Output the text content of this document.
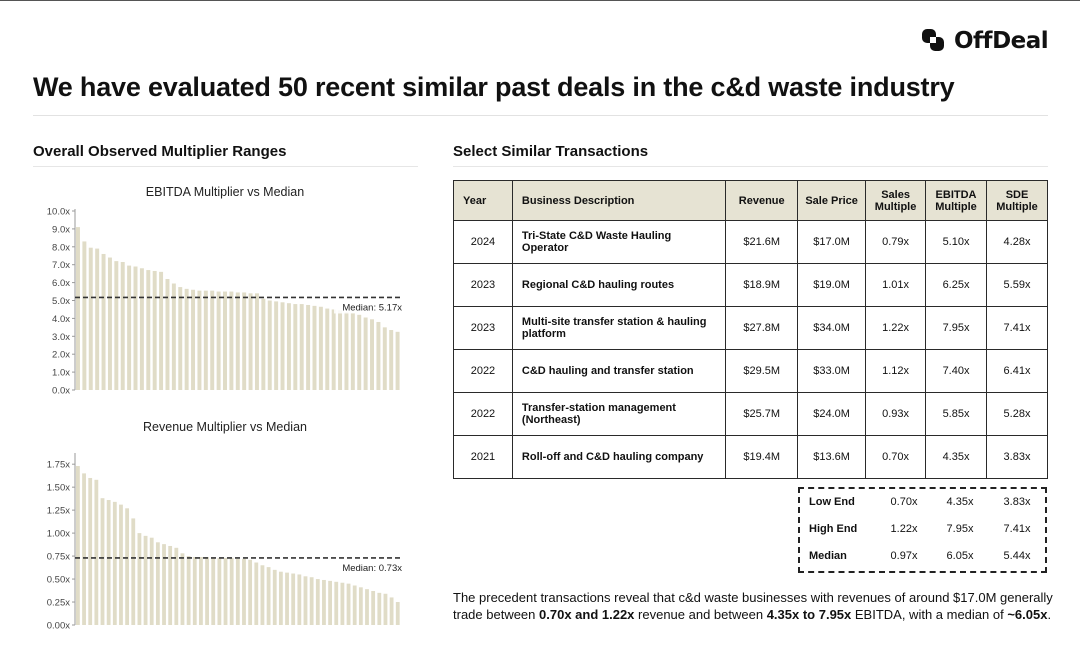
OffDeal
We have evaluated 50 recent similar past deals in the c&d waste industry
Overall Observed Multiplier Ranges	Select Similar Transactions
EBITDA Multiplier vs Median
0.0x
1.0x
2.0x
3.0x
4.0x
5.0x
6.0x
7.0x
8.0x
9.0x
10.0x
Median: 5.17x
Revenue Multiplier vs Median
0.00x
0.25x
0.50x
0.75x
1.00x
1.25x
1.50x
1.75x
Median: 0.73x
Year	Business Description	Revenue	Sale Price	Sales Multiple	EBITDA Multiple	SDE Multiple
2024	Tri-State C&D Waste Hauling Operator	$21.6M	$17.0M	0.79x	5.10x	4.28x
2023	Regional C&D hauling routes	$18.9M	$19.0M	1.01x	6.25x	5.59x
2023	Multi-site transfer station & hauling platform	$27.8M	$34.0M	1.22x	7.95x	7.41x
2022	C&D hauling and transfer station	$29.5M	$33.0M	1.12x	7.40x	6.41x
2022	Transfer-station management (Northeast)	$25.7M	$24.0M	0.93x	5.85x	5.28x
2021	Roll-off and C&D hauling company	$19.4M	$13.6M	0.70x	4.35x	3.83x
Low End	0.70x	4.35x	3.83x
High End	1.22x	7.95x	7.41x
Median	0.97x	6.05x	5.44x

The precedent transactions reveal that c&d waste businesses with revenues of around $17.0M generally trade between 0.70x and 1.22x revenue and between 4.35x to 7.95x EBITDA, with a median of ~6.05x.
